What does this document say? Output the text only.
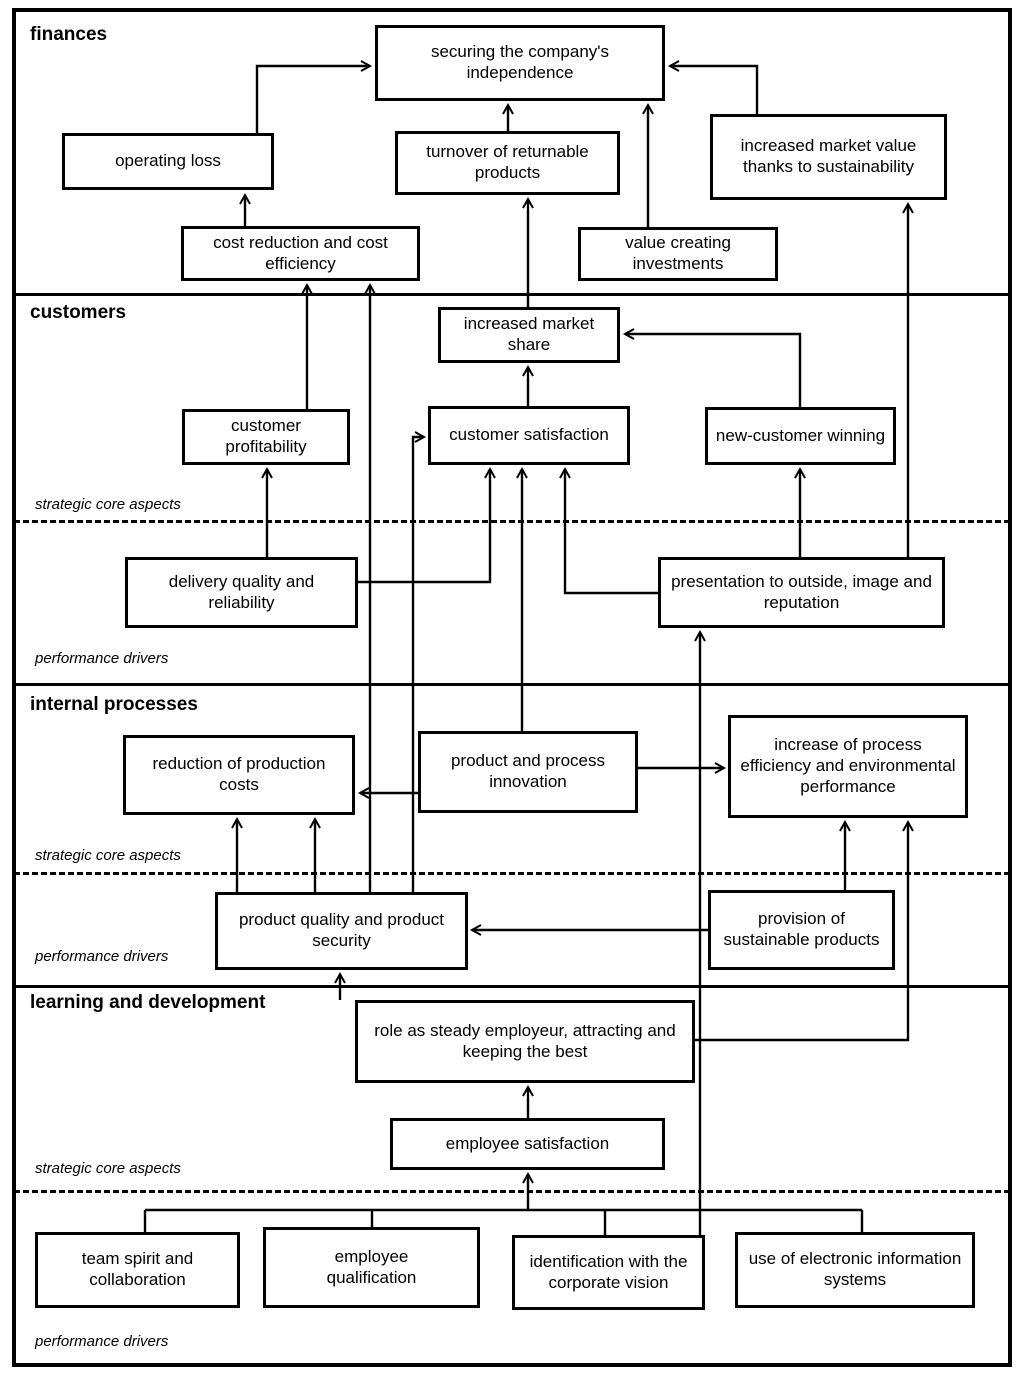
finances
customers
internal processes
learning and development
strategic core aspects
performance drivers
strategic core aspects
performance drivers
strategic core aspects
performance drivers
securing the company's independence
operating loss	turnover of returnable products
increased market value thanks to sustainability
cost reduction and cost efficiency
value creating investments
increased market share
customer profitability
customer satisfaction	new-customer winning
delivery quality and reliability
presentation to outside, image and reputation
reduction of production costs
product and process innovation
increase of process efficiency and environmental performance
product quality and product security
provision of sustainable products
role as steady employeur, attracting and keeping the best
employee satisfaction
team spirit and collaboration
employee qualification
identification with the corporate vision
use of electronic information systems
